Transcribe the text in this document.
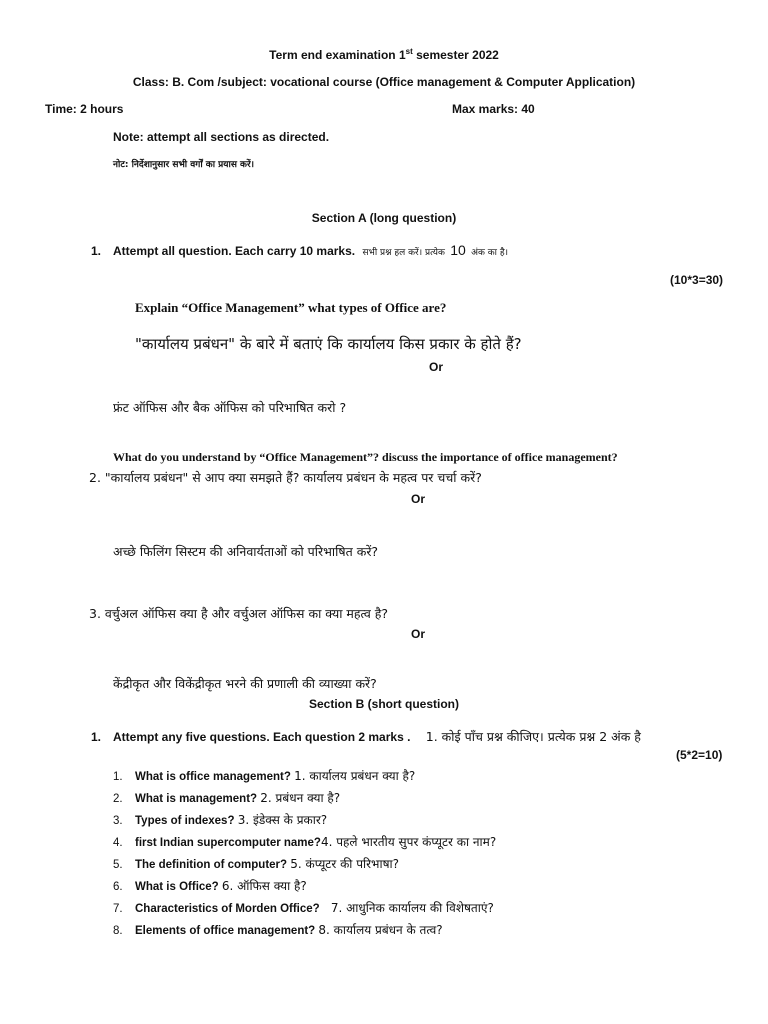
Term end examination 1st semester 2022
Class: B. Com /subject: vocational course (Office management & Computer Application)
Time: 2 hours	Max marks: 40
Note: attempt all sections as directed.
नोट: निर्देशानुसार सभी वर्गों का प्रयास करें।
Section A (long question)
1. Attempt all question. Each carry 10 marks. सभी प्रश्न हल करें। प्रत्येक 10 अंक का है।
(10*3=30)
Explain “Office Management” what types of Office are?
"कार्यालय प्रबंधन" के बारे में बताएं कि कार्यालय किस प्रकार के होते हैं?
Or
फ्रंट ऑफिस और बैक ऑफिस को परिभाषित करो ?
What do you understand by “Office Management”? discuss the importance of office management?
2. "कार्यालय प्रबंधन" से आप क्या समझते हैं? कार्यालय प्रबंधन के महत्व पर चर्चा करें?
Or
अच्छे फिलिंग सिस्टम की अनिवार्यताओं को परिभाषित करें?
3. वर्चुअल ऑफिस क्या है और वर्चुअल ऑफिस का क्या महत्व है?
Or
केंद्रीकृत और विकेंद्रीकृत भरने की प्रणाली की व्याख्या करें?
Section B (short question)
1. Attempt any five questions. Each question 2 marks . 1. कोई पाँच प्रश्न कीजिए। प्रत्येक प्रश्न 2 अंक है
(5*2=10)
1. What is office management? 1. कार्यालय प्रबंधन क्या है?
2. What is management? 2. प्रबंधन क्या है?
3. Types of indexes? 3. इंडेक्स के प्रकार?
4. first Indian supercomputer name?4. पहले भारतीय सुपर कंप्यूटर का नाम?
5. The definition of computer? 5. कंप्यूटर की परिभाषा?
6. What is Office? 6. ऑफिस क्या है?
7. Characteristics of Morden Office? 7. आधुनिक कार्यालय की विशेषताएं?
8. Elements of office management? 8. कार्यालय प्रबंधन के तत्व?
